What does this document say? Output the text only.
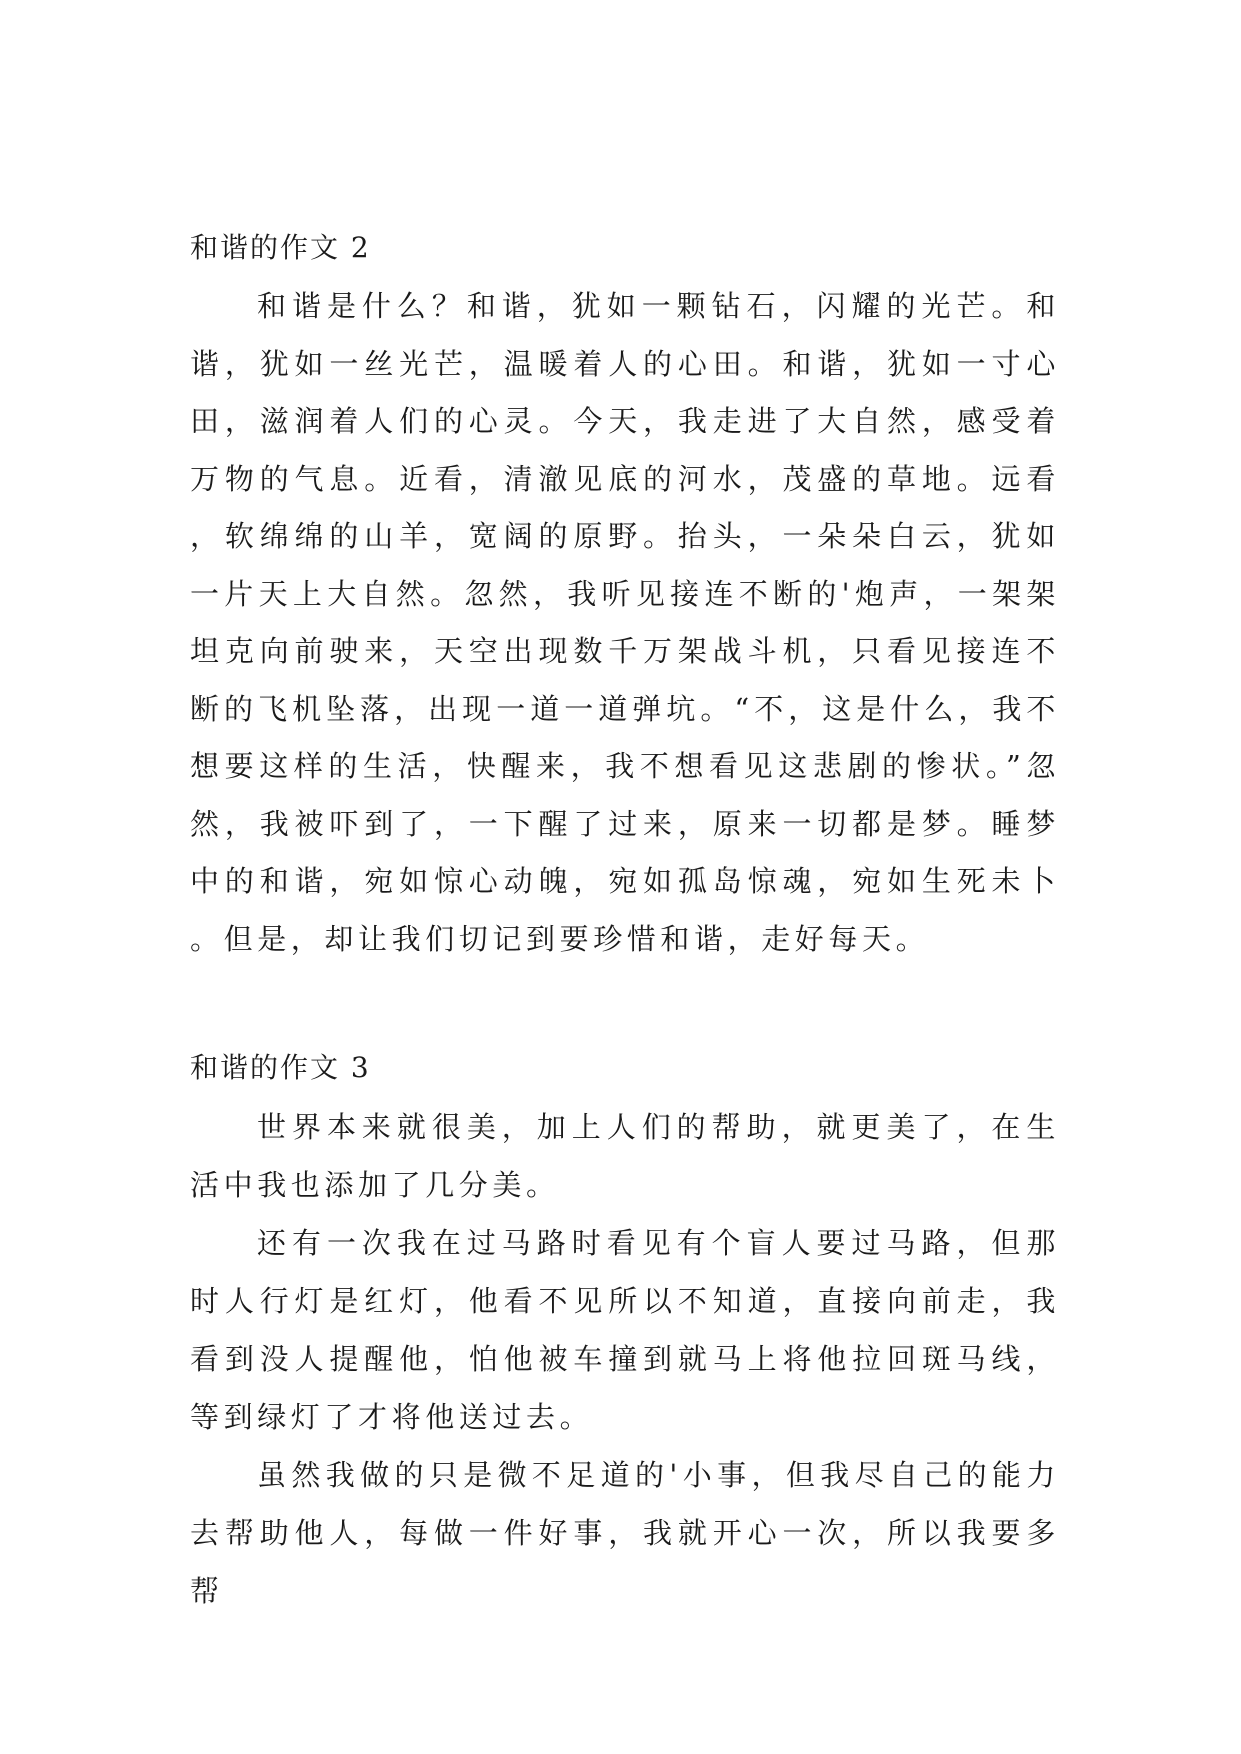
和谐的作文 2

和谐是什么？和谐，犹如一颗钻石，闪耀的光芒。和谐，犹如一丝光芒，温暖着人的心田。和谐，犹如一寸心田，滋润着人们的心灵。今天，我走进了大自然，感受着万物的气息。近看，清澈见底的河水，茂盛的草地。远看，软绵绵的山羊，宽阔的原野。抬头，一朵朵白云，犹如一片天上大自然。忽然，我听见接连不断的'炮声，一架架坦克向前驶来，天空出现数千万架战斗机，只看见接连不断的飞机坠落，出现一道一道弹坑。“不，这是什么，我不想要这样的生活，快醒来，我不想看见这悲剧的惨状。”忽然，我被吓到了，一下醒了过来，原来一切都是梦。睡梦中的和谐，宛如惊心动魄，宛如孤岛惊魂，宛如生死未卜。但是，却让我们切记到要珍惜和谐，走好每天。

和谐的作文 3

世界本来就很美，加上人们的帮助，就更美了，在生活中我也添加了几分美。

还有一次我在过马路时看见有个盲人要过马路，但那时人行灯是红灯，他看不见所以不知道，直接向前走，我看到没人提醒他，怕他被车撞到就马上将他拉回斑马线，等到绿灯了才将他送过去。

虽然我做的只是微不足道的'小事，但我尽自己的能力去帮助他人，每做一件好事，我就开心一次，所以我要多帮
